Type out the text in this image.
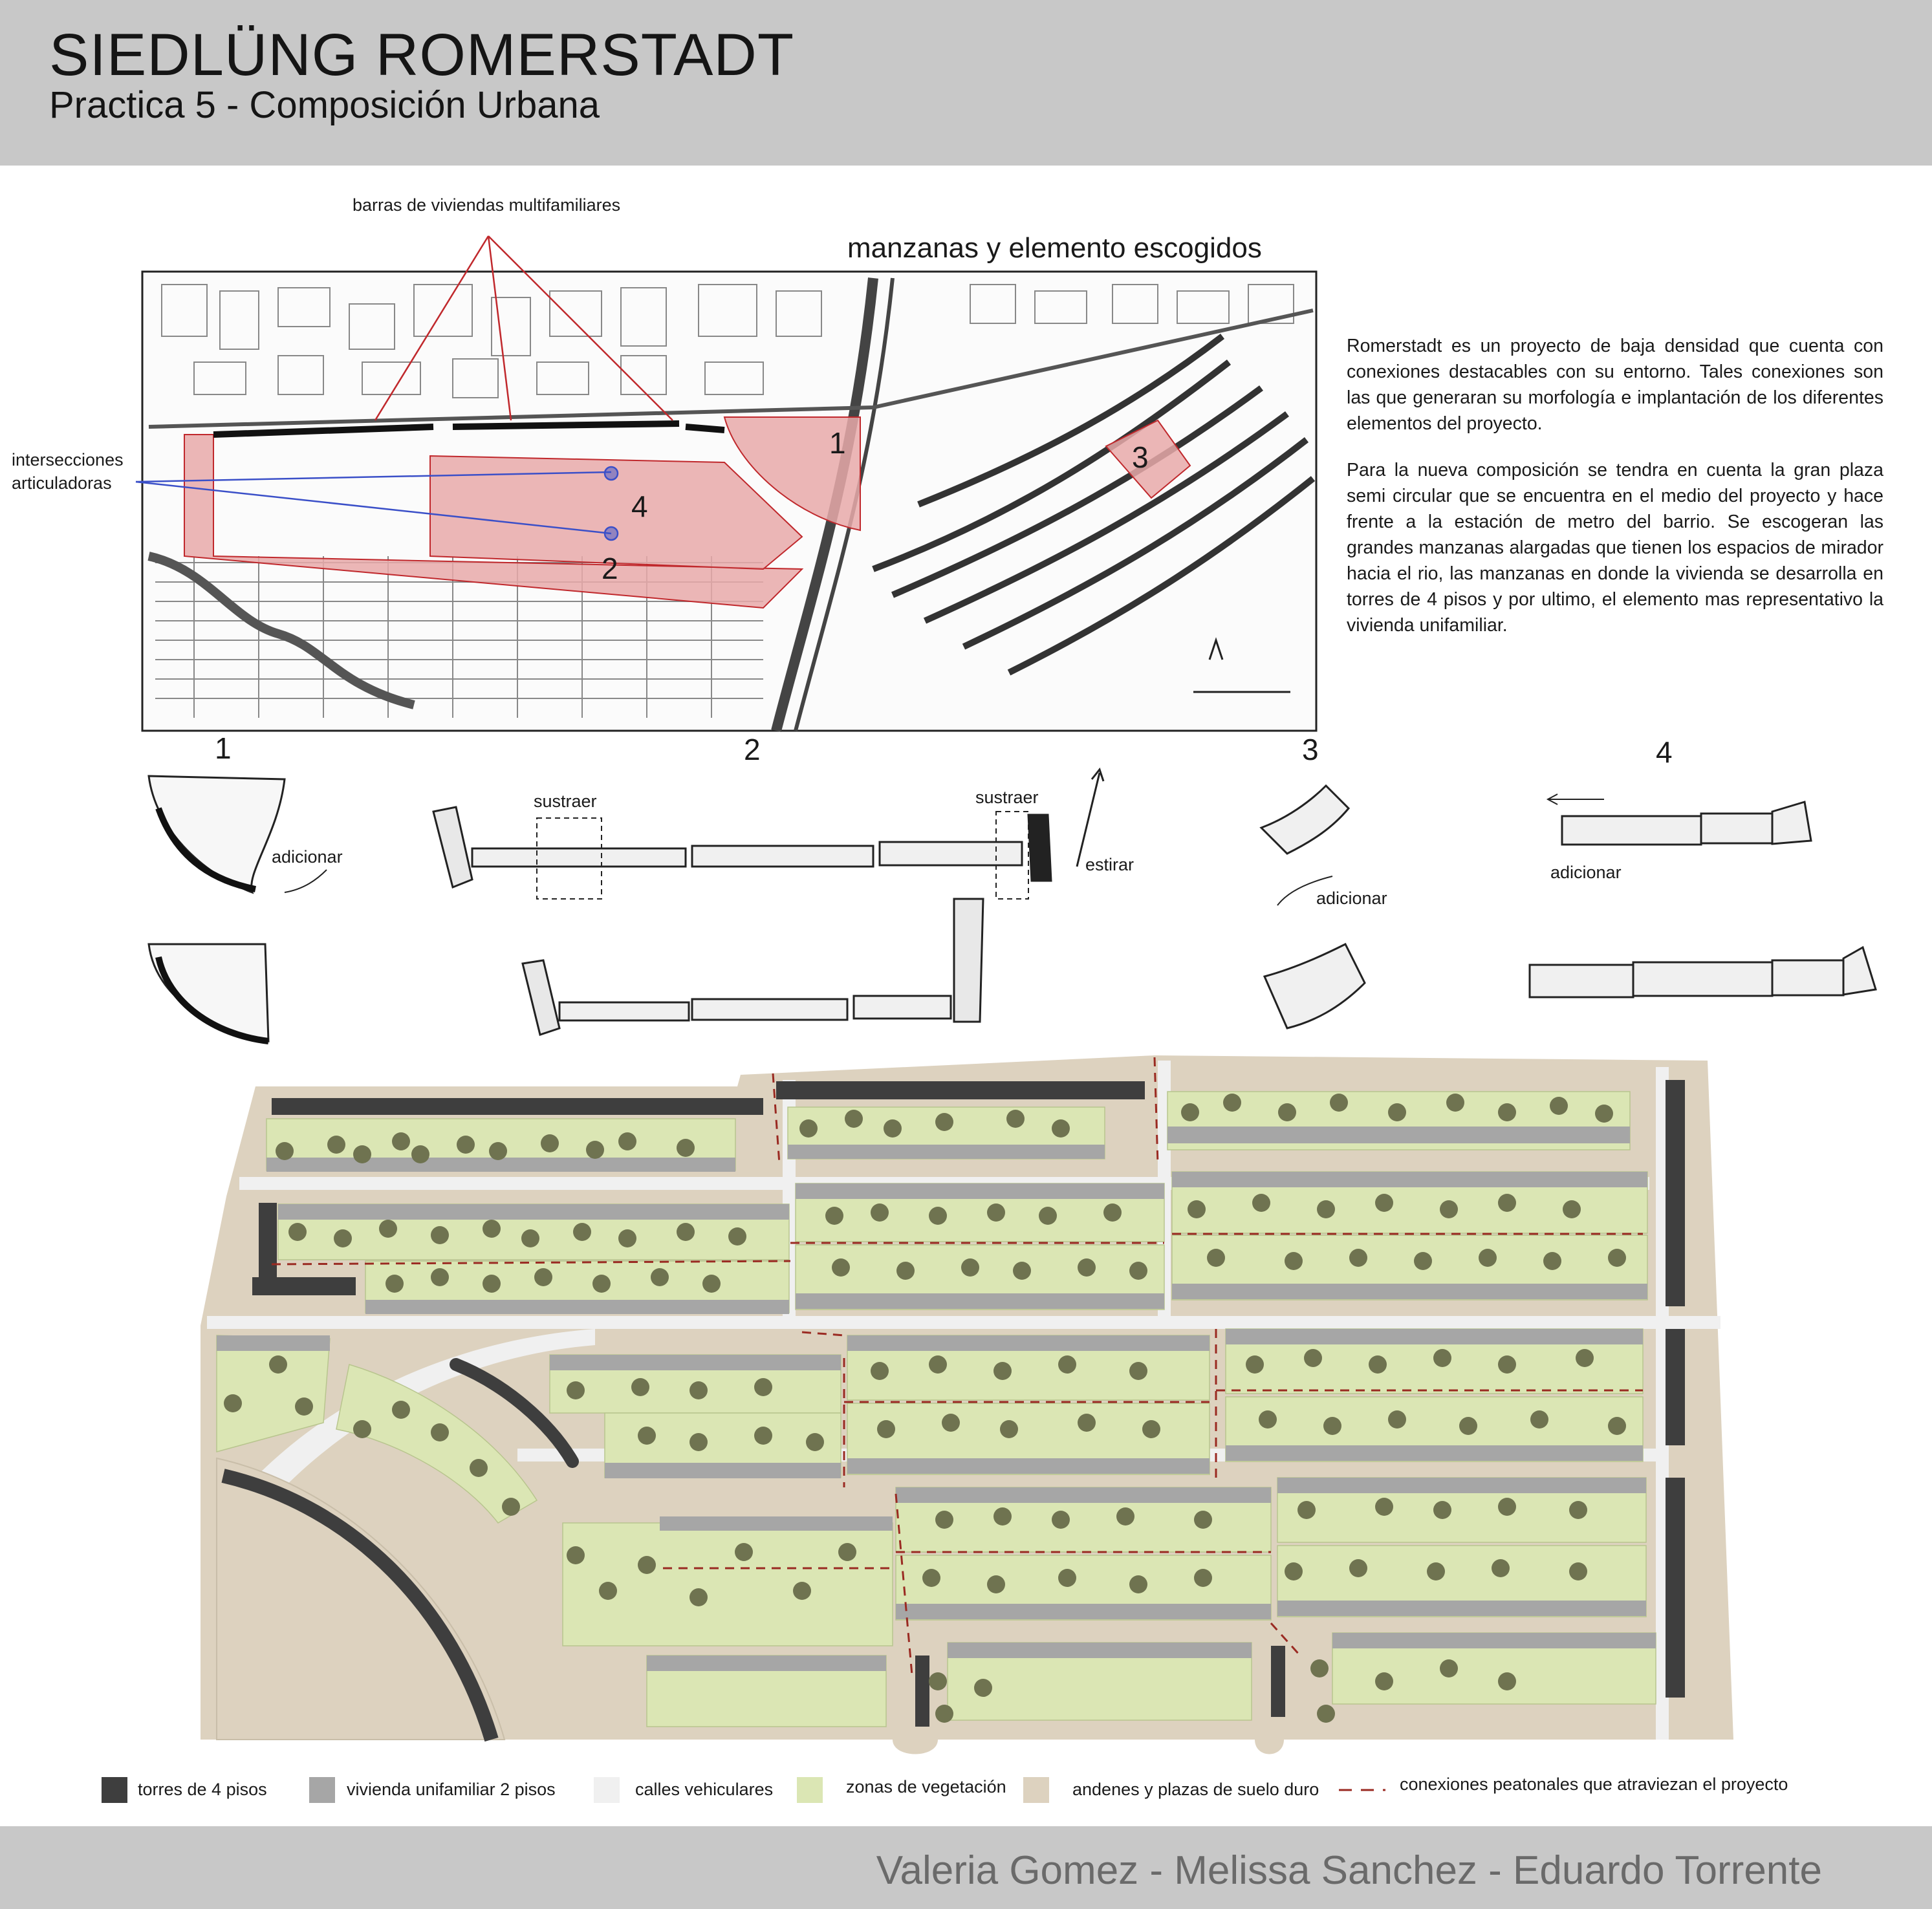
SIEDLÜNG ROMERSTADT
Practica 5 - Composición Urbana
barras de viviendas multifamiliares
manzanas y elemento escogidos
intersecciones
articuladoras
1
2
3
4
Romerstadt es un proyecto de baja densidad que cuenta con conexiones destacables con su entorno. Tales conexiones son las que generaran su morfología e implantación de los diferentes elementos del proyecto.
Para la nueva composición se tendra en cuenta la gran plaza semi circular que se encuentra en el medio del proyecto y hace frente a la estación de metro del barrio. Se escogeran las grandes manzanas alargadas que tienen los espacios de mirador hacia el rio, las manzanas en donde la vivienda se desarrolla en torres de 4 pisos y por ultimo, el elemento mas representativo la vivienda unifamiliar.
1	2	3	4
adicionar
sustraer	sustraer
estirar
adicionar
adicionar
torres de 4 pisos	vivienda unifamiliar 2 pisos	calles vehiculares	zonas de vegetación	andenes y plazas de suelo duro	conexiones peatonales que atraviezan el proyecto
Valeria Gomez - Melissa Sanchez - Eduardo Torrente
